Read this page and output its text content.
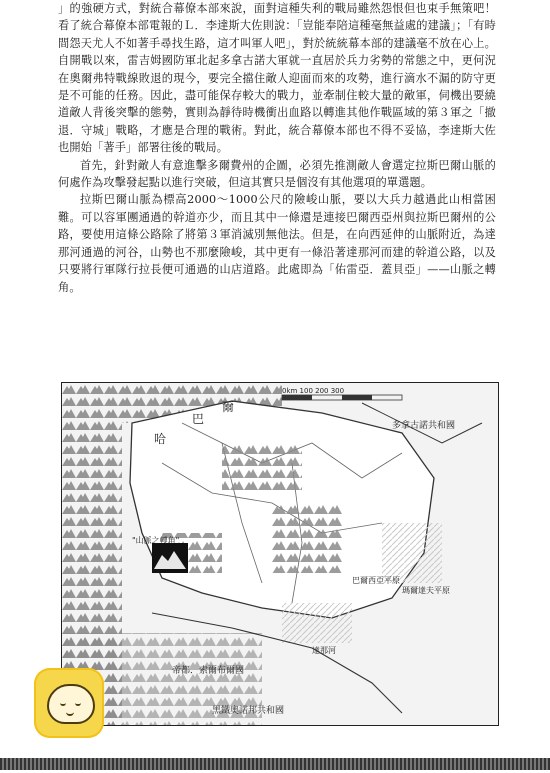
」的強硬方式，對統合幕僚本部來說，面對這種失利的戰局雖然怨恨但也束手無策吧！看了統合幕僚本部電報的Ｌ．李達斯大佐則說：「豈能奉陪這種毫無益處的建議」；「有時間怨天尤人不如著手尋找生路，這才叫軍人吧」，對於統統幕本部的建議毫不放在心上。自開戰以來，雷吉姆國防軍北起多拿古諾大軍就一直居於兵力劣勢的常態之中，更何況在奧爾弗特戰線敗退的現今，要完全擋住敵人迎面而來的攻勢，進行滴水不漏的防守更是不可能的任務。因此，盡可能保存較大的戰力，並牽制住較大量的敵軍，伺機出要繞道敵人背後突擊的態勢，實則為靜待時機衝出血路以轉進其他作戰區域的第３軍之「撤退．守城」戰略，才應是合理的戰術。對此，統合幕僚本部也不得不妥協，李達斯大佐也開始「著手」部署往後的戰局。

首先，針對敵人有意進擊多爾費州的企圖，必須先推測敵人會選定拉斯巴爾山脈的何處作為攻擊發起點以進行突破，但這其實只是個沒有其他選項的單選題。

拉斯巴爾山脈為標高2000～1000公尺的險峻山脈，要以大兵力越過此山相當困難。可以容軍團通過的幹道亦少，而且其中一條還是連接巴爾西亞州與拉斯巴爾州的公路，要使用這條公路除了將第３軍消滅別無他法。但是，在向西延伸的山脈附近，為達那河通過的河谷，山勢也不那麼險峻，其中更有一條沿著達那河而建的幹道公路，以及只要將行軍隊行拉長便可通過的山店道路。此處即為「佑雷亞．蓋貝亞」——山脈之轉角。

0km 100 200 300
哈
巴
爾
多拿古諾共和國
帝都．索爾布爾國
黑鐵奧諾邦共和國
"山脈之轉角"
巴爾西亞平原
達那河
瑪爾達夫平原
